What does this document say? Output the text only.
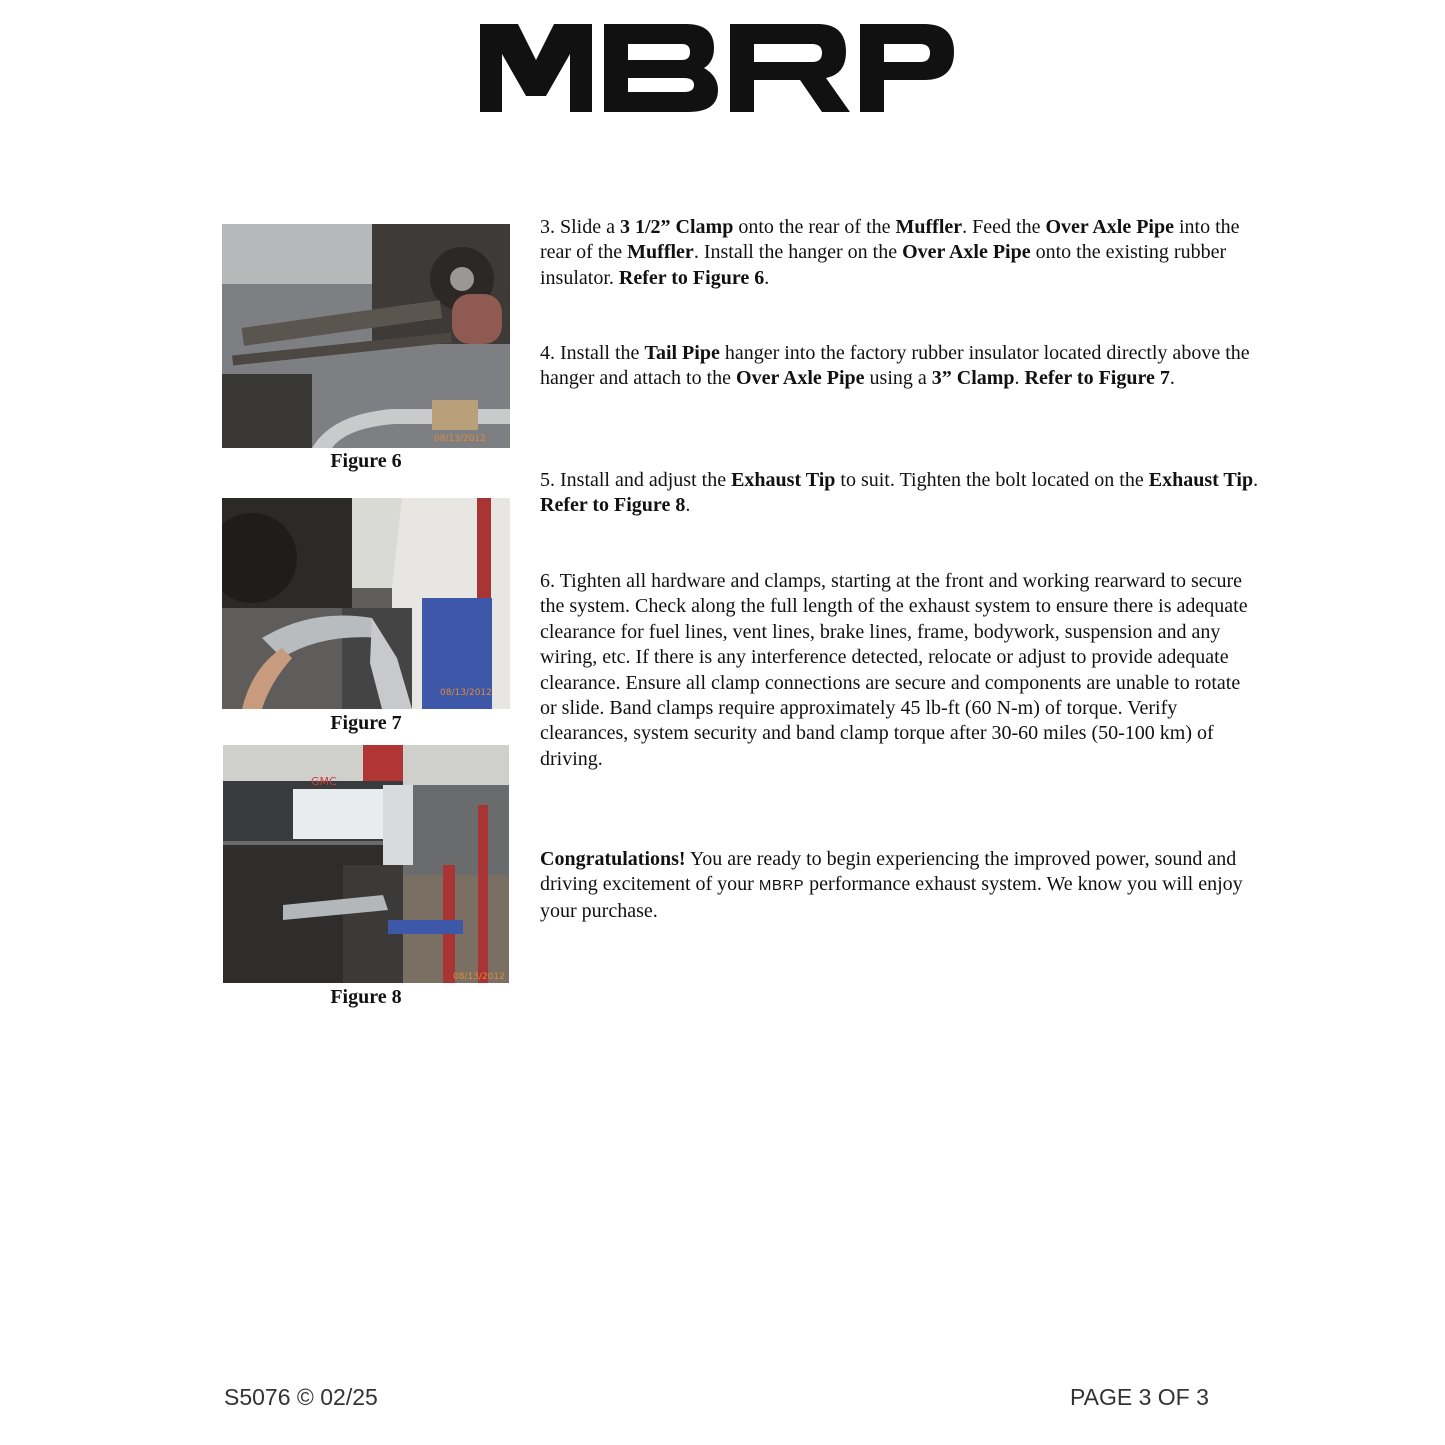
08/13/2012
Figure 6
08/13/2012
Figure 7
GMC
08/13/2012
Figure 8

3. Slide a 3 1/2” Clamp onto the rear of the Muffler. Feed the Over Axle Pipe into the rear of the Muffler. Install the hanger on the Over Axle Pipe onto the existing rubber insulator. Refer to Figure 6.

4. Install the Tail Pipe hanger into the factory rubber insulator located directly above the hanger and attach to the Over Axle Pipe using a 3” Clamp. Refer to Figure 7.

5. Install and adjust the Exhaust Tip to suit. Tighten the bolt located on the Exhaust Tip. Refer to Figure 8.

6. Tighten all hardware and clamps, starting at the front and working rearward to secure the system. Check along the full length of the exhaust system to ensure there is adequate clearance for fuel lines, vent lines, brake lines, frame, bodywork, suspension and any wiring, etc. If there is any interference detected, relocate or adjust to provide adequate clearance. Ensure all clamp connections are secure and components are unable to rotate or slide. Band clamps require approximately 45 lb-ft (60 N-m) of torque. Verify clearances, system security and band clamp torque after 30-60 miles (50-100 km) of driving.

Congratulations! You are ready to begin experiencing the improved power, sound and driving excitement of your MBRP performance exhaust system. We know you will enjoy your purchase.

S5076 © 02/25	PAGE 3 OF 3
